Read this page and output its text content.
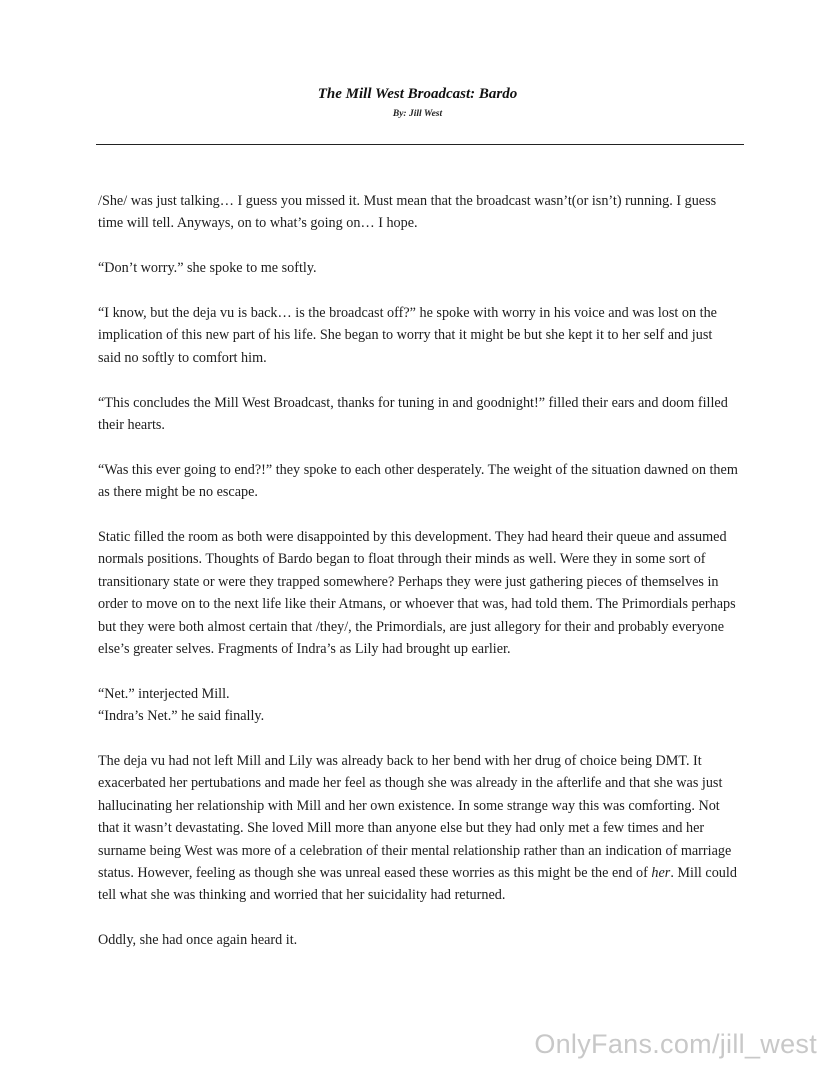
The Mill West Broadcast: Bardo
By: Jill West

/She/ was just talking… I guess you missed it. Must mean that the broadcast wasn’t(or isn’t) running. I guess time will tell. Anyways, on to what’s going on… I hope.

“Don’t worry.” she spoke to me softly.

“I know, but the deja vu is back… is the broadcast off?” he spoke with worry in his voice and was lost on the implication of this new part of his life. She began to worry that it might be but she kept it to her self and just said no softly to comfort him.

“This concludes the Mill West Broadcast, thanks for tuning in and goodnight!” filled their ears and doom filled their hearts.

“Was this ever going to end?!” they spoke to each other desperately. The weight of the situation dawned on them as there might be no escape.

Static filled the room as both were disappointed by this development. They had heard their queue and assumed normals positions. Thoughts of Bardo began to float through their minds as well. Were they in some sort of transitionary state or were they trapped somewhere? Perhaps they were just gathering pieces of themselves in order to move on to the next life like their Atmans, or whoever that was, had told them. The Primordials perhaps but they were both almost certain that /they/, the Primordials, are just allegory for their and probably everyone else’s greater selves. Fragments of Indra’s as Lily had brought up earlier.

“Net.” interjected Mill.

“Indra’s Net.” he said finally.

The deja vu had not left Mill and Lily was already back to her bend with her drug of choice being DMT. It exacerbated her pertubations and made her feel as though she was already in the afterlife and that she was just hallucinating her relationship with Mill and her own existence. In some strange way this was comforting. Not that it wasn’t devastating. She loved Mill more than anyone else but they had only met a few times and her surname being West was more of a celebration of their mental relationship rather than an indication of marriage status. However, feeling as though she was unreal eased these worries as this might be the end of her. Mill could tell what she was thinking and worried that her suicidality had returned.

Oddly, she had once again heard it.

OnlyFans.com/jill_west
